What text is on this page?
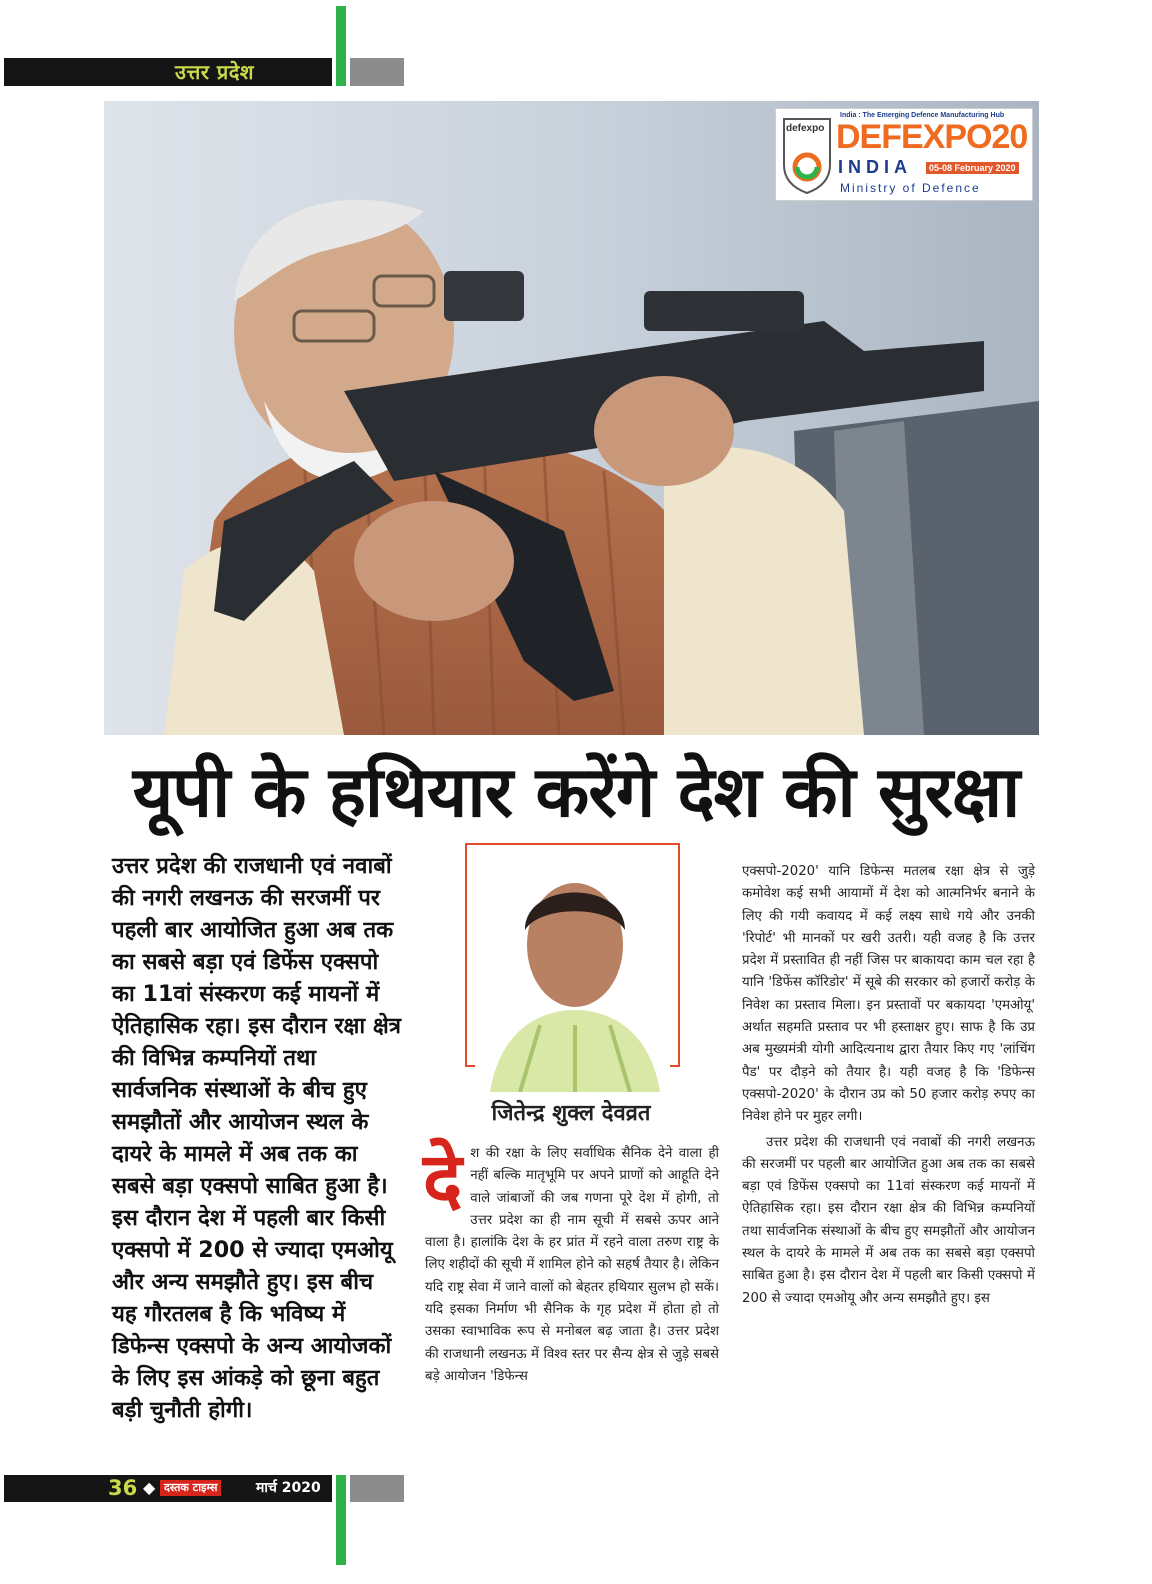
उत्तर प्रदेश
defexpo
India : The Emerging Defence Manufacturing Hub
DEFEXPO20
INDIA	05-08 February 2020
Ministry of Defence
यूपी के हथियार करेंगे देश की सुरक्षा
उत्तर प्रदेश की राजधानी एवं नवाबों की नगरी लखनऊ की सरजमीं पर पहली बार आयोजित हुआ अब तक का सबसे बड़ा एवं डिफेंस एक्सपो का 11वां संस्करण कई मायनों में ऐतिहासिक रहा। इस दौरान रक्षा क्षेत्र की विभिन्न कम्पनियों तथा सार्वजनिक संस्थाओं के बीच हुए समझौतों और आयोजन स्थल के दायरे के मामले में अब तक का सबसे बड़ा एक्सपो साबित हुआ है। इस दौरान देश में पहली बार किसी एक्सपो में 200 से ज्यादा एमओयू और अन्य समझौते हुए। इस बीच यह गौरतलब है कि भविष्य में डिफेन्स एक्सपो के अन्य आयोजकों के लिए इस आंकड़े को छूना बहुत बड़ी चुनौती होगी।
जितेन्द्र शुक्ल देवव्रत
दे श की रक्षा के लिए सर्वाधिक सैनिक देने वाला ही नहीं बल्कि मातृभूमि पर अपने प्राणों को आहूति देने वाले जांबाजों की जब गणना पूरे देश में होगी, तो उत्तर प्रदेश का ही नाम सूची में सबसे ऊपर आने वाला है। हालांकि देश के हर प्रांत में रहने वाला तरुण राष्ट्र के लिए शहीदों की सूची में शामिल होने को सहर्ष तैयार है। लेकिन यदि राष्ट्र सेवा में जाने वालों को बेहतर हथियार सुलभ हो सकें। यदि इसका निर्माण भी सैनिक के गृह प्रदेश में होता हो तो उसका स्वाभाविक रूप से मनोबल बढ़ जाता है। उत्तर प्रदेश की राजधानी लखनऊ में विश्व स्तर पर सैन्य क्षेत्र से जुड़े सबसे बड़े आयोजन 'डिफेन्स

एक्सपो-2020' यानि डिफेन्स मतलब रक्षा क्षेत्र से जुड़े कमोवेश कई सभी आयामों में देश को आत्मनिर्भर बनाने के लिए की गयी कवायद में कई लक्ष्य साधे गये और उनकी 'रिपोर्ट' भी मानकों पर खरी उतरी। यही वजह है कि उत्तर प्रदेश में प्रस्तावित ही नहीं जिस पर बाकायदा काम चल रहा है यानि 'डिफेंस कॉरिडोर' में सूबे की सरकार को हजारों करोड़ के निवेश का प्रस्ताव मिला। इन प्रस्तावों पर बकायदा 'एमओयू' अर्थात सहमति प्रस्ताव पर भी हस्ताक्षर हुए। साफ है कि उप्र अब मुख्यमंत्री योगी आदित्यनाथ द्वारा तैयार किए गए 'लांचिंग पैड' पर दौड़ने को तैयार है। यही वजह है कि 'डिफेन्स एक्सपो-2020' के दौरान उप्र को 50 हजार करोड़ रुपए का निवेश होने पर मुहर लगी।

उत्तर प्रदेश की राजधानी एवं नवाबों की नगरी लखनऊ की सरजमीं पर पहली बार आयोजित हुआ अब तक का सबसे बड़ा एवं डिफेंस एक्सपो का 11वां संस्करण कई मायनों में ऐतिहासिक रहा। इस दौरान रक्षा क्षेत्र की विभिन्न कम्पनियों तथा सार्वजनिक संस्थाओं के बीच हुए समझौतों और आयोजन स्थल के दायरे के मामले में अब तक का सबसे बड़ा एक्सपो साबित हुआ है। इस दौरान देश में पहली बार किसी एक्सपो में 200 से ज्यादा एमओयू और अन्य समझौते हुए। इस

36 ◆ दस्तक टाइम्स	मार्च 2020
